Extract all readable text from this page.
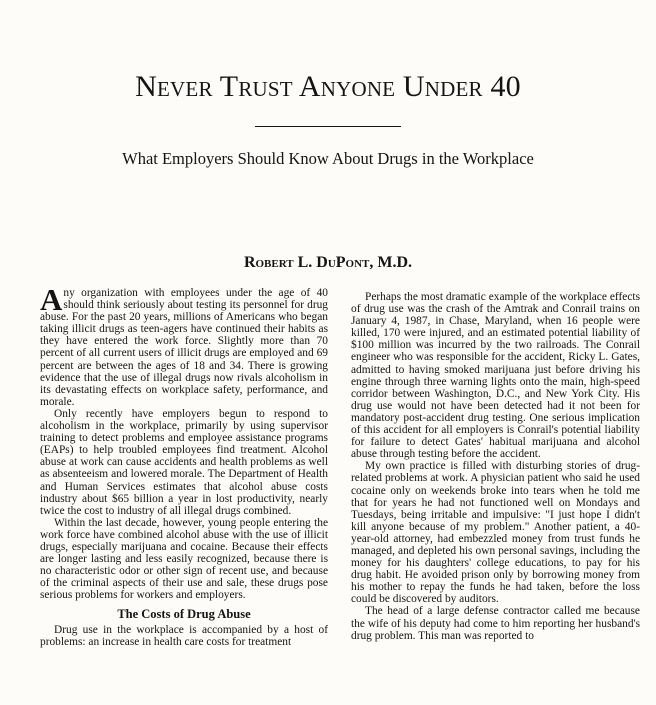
Never Trust Anyone Under 40
What Employers Should Know About Drugs in the Workplace
Robert L. DuPont, M.D.

Any organization with employees under the age of 40 should think seriously about testing its personnel for drug abuse. For the past 20 years, millions of Americans who began taking illicit drugs as teen-agers have continued their habits as they have entered the work force. Slightly more than 70 percent of all current users of illicit drugs are employed and 69 percent are between the ages of 18 and 34. There is growing evidence that the use of illegal drugs now rivals alcoholism in its devastating effects on workplace safety, performance, and morale.

Only recently have employers begun to respond to alcoholism in the workplace, primarily by using supervisor training to detect problems and employee assistance programs (EAPs) to help troubled employees find treatment. Alcohol abuse at work can cause accidents and health problems as well as absenteeism and lowered morale. The Department of Health and Human Services estimates that alcohol abuse costs industry about $65 billion a year in lost productivity, nearly twice the cost to industry of all illegal drugs combined.

Within the last decade, however, young people entering the work force have combined alcohol abuse with the use of illicit drugs, especially marijuana and cocaine. Because their effects are longer lasting and less easily recognized, because there is no characteristic odor or other sign of recent use, and because of the criminal aspects of their use and sale, these drugs pose serious problems for workers and employers.

The Costs of Drug Abuse

Drug use in the workplace is accompanied by a host of problems: an increase in health care costs for treatment

Perhaps the most dramatic example of the workplace effects of drug use was the crash of the Amtrak and Conrail trains on January 4, 1987, in Chase, Maryland, when 16 people were killed, 170 were injured, and an estimated potential liability of $100 million was incurred by the two railroads. The Conrail engineer who was responsible for the accident, Ricky L. Gates, admitted to having smoked marijuana just before driving his engine through three warning lights onto the main, high-speed corridor between Washington, D.C., and New York City. His drug use would not have been detected had it not been for mandatory post-accident drug testing. One serious implication of this accident for all employers is Conrail's potential liability for failure to detect Gates' habitual marijuana and alcohol abuse through testing before the accident.

My own practice is filled with disturbing stories of drug-related problems at work. A physician patient who said he used cocaine only on weekends broke into tears when he told me that for years he had not functioned well on Mondays and Tuesdays, being irritable and impulsive: "I just hope I didn't kill anyone because of my problem." Another patient, a 40-year-old attorney, had embezzled money from trust funds he managed, and depleted his own personal savings, including the money for his daughters' college educations, to pay for his drug habit. He avoided prison only by borrowing money from his mother to repay the funds he had taken, before the loss could be discovered by auditors.

The head of a large defense contractor called me because the wife of his deputy had come to him reporting her husband's drug problem. This man was reported to
